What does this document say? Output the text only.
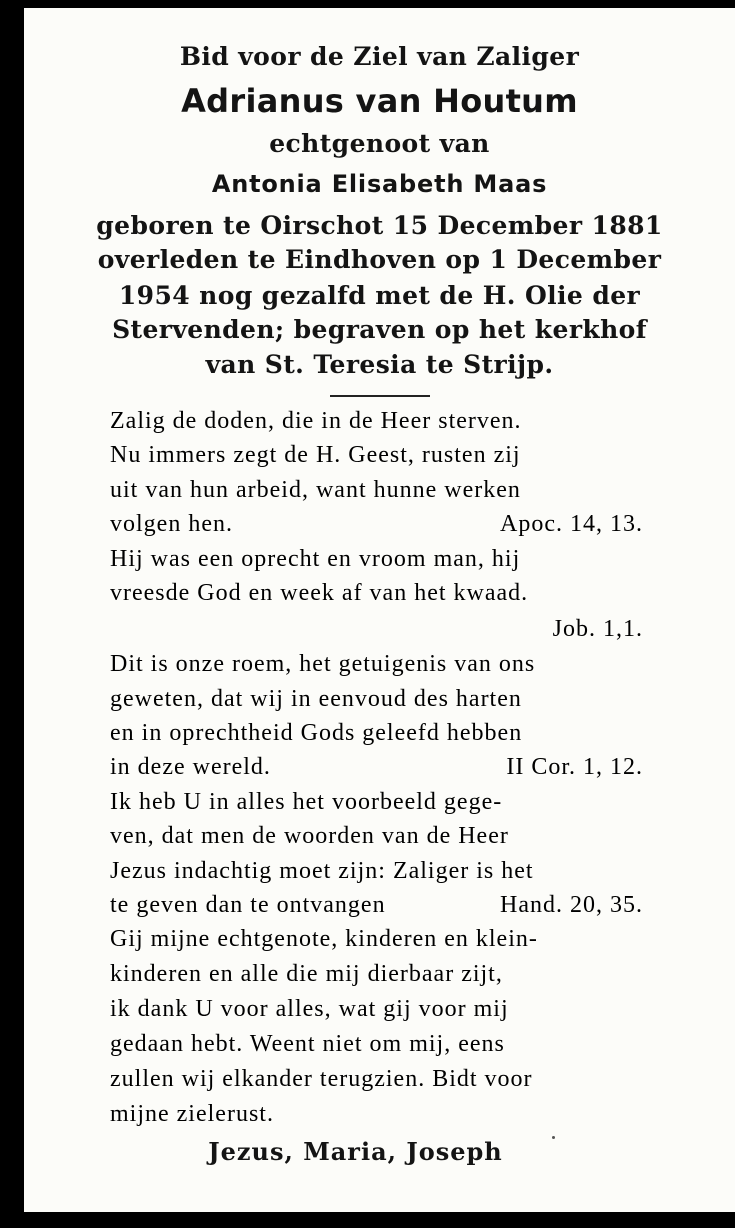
Bid voor de Ziel van Zaliger
Adrianus van Houtum
echtgenoot van
Antonia Elisabeth Maas
geboren te Oirschot 15 December 1881
overleden te Eindhoven op 1 December
1954 nog gezalfd met de H. Olie der
Stervenden; begraven op het kerkhof
van St. Teresia te Strijp.
Zalig de doden, die in de Heer sterven.
Nu immers zegt de H. Geest, rusten zij
uit van hun arbeid, want hunne werken
volgen hen.	Apoc. 14, 13.
Hij was een oprecht en vroom man, hij
vreesde God en week af van het kwaad.
Job. 1,1.
Dit is onze roem, het getuigenis van ons
geweten, dat wij in eenvoud des harten
en in oprechtheid Gods geleefd hebben
in deze wereld.	II Cor. 1, 12.
Ik heb U in alles het voorbeeld gege-
ven, dat men de woorden van de Heer
Jezus indachtig moet zijn: Zaliger is het
te geven dan te ontvangen	Hand. 20, 35.
Gij mijne echtgenote, kinderen en klein-
kinderen en alle die mij dierbaar zijt,
ik dank U voor alles, wat gij voor mij
gedaan hebt. Weent niet om mij, eens
zullen wij elkander terugzien. Bidt voor
mijne zielerust.
Jezus, Maria, Joseph
